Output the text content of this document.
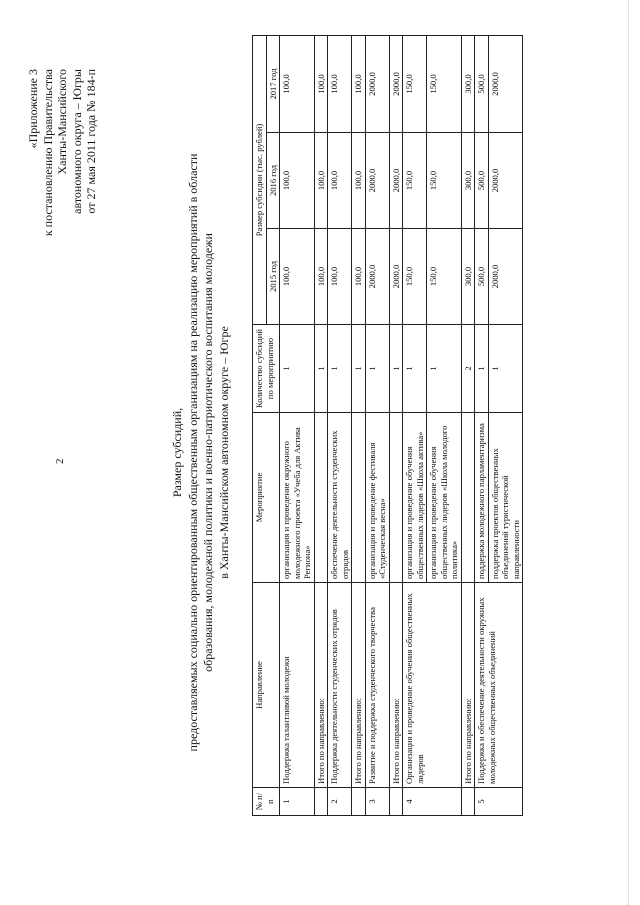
2
«Приложение 3 к постановлению Правительства Ханты-Мансийского автономного округа – Югры от 27 мая 2011 года № 184-п
Размер субсидий, предоставляемых социально ориентированным общественным организациям на реализацию мероприятий в области образования, молодежной политики и военно-патриотического воспитания молодежи в Ханты-Мансийском автономном округе – Югре
№ п/п	Направление	Мероприятие	Количество субсидий по мероприятию	Размер субсидии (тыс. рублей)		
				2015 год	2016 год	2017 год
1	Поддержка талантливой молодежи	организация и проведение окружного молодежного проекта «Учеба для Актива Региона»	1	100,0	100,0	100,0
	Итого по направлению:		1	100,0	100,0	100,0
2	Поддержка деятельности студенческих отрядов	обеспечение деятельности студенческих отрядов	1	100,0	100,0	100,0
	Итого по направлению:		1	100,0	100,0	100,0
3	Развитие и поддержка студенческого творчества	организация и проведение фестиваля «Студенческая весна»	1	2000,0	2000,0	2000,0
	Итого по направлению:		1	2000,0	2000,0	2000,0
4	Организация и проведение обучения общественных лидеров	организация и проведение обучения общественных лидеров «Школа актива»	1	150,0	150,0	150,0
		организация и проведение обучения общественных лидеров «Школа молодого политика»	1	150,0	150,0	150,0
	Итого по направлению:		2	300,0	300,0	300,0
5	Поддержка и обеспечение деятельности окружных молодежных общественных объединений	поддержка молодежного парламентаризма	1	500,0	500,0	500,0
		поддержка проектов общественных объединений туристической направленности	1	2000,0	2000,0	2000,0
